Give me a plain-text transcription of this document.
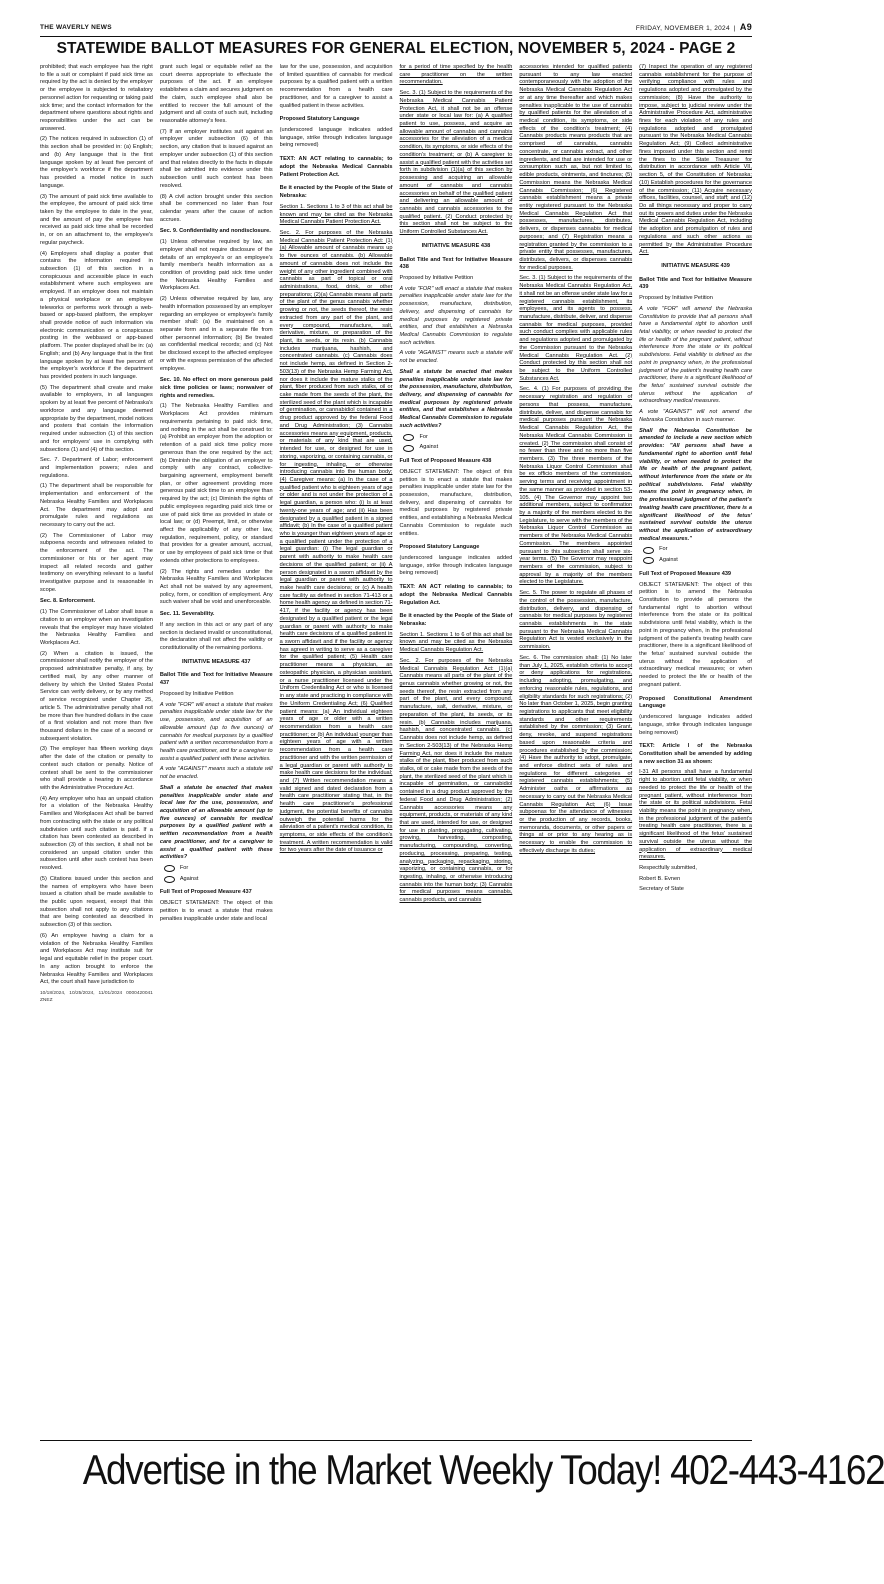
THE WAVERLY NEWS	FRIDAY, NOVEMBER 1, 2024 | A9
STATEWIDE BALLOT MEASURES FOR GENERAL ELECTION, NOVEMBER 5, 2024 - PAGE 2

prohibited; that each employee has the right to file a suit or complaint if paid sick time as required by the act is denied by the employer or the employee is subjected to retaliatory personnel action for requesting or taking paid sick time; and the contact information for the department where questions about rights and responsibilities under the act can be answered.

(2) The notices required in subsection (1) of this section shall be provided in: (a) English; and (b) Any language that is the first language spoken by at least five percent of the employer's workforce if the department has provided a model notice in such language.

(3) The amount of paid sick time available to the employee, the amount of paid sick time taken by the employee to date in the year, and the amount of pay the employee has received as paid sick time shall be recorded in, or on an attachment to, the employee's regular paycheck.

(4) Employers shall display a poster that contains the information required in subsection (1) of this section in a conspicuous and accessible place in each establishment where such employees are employed. If an employer does not maintain a physical workplace or an employee teleworks or performs work through a web-based or app-based platform, the employer shall provide notice of such information via electronic communication or a conspicuous posting in the webbased or app-based platform. The poster displayed shall be in: (a) English; and (b) Any language that is the first language spoken by at least five percent of the employer's workforce if the department has provided posters in such language.

(5) The department shall create and make available to employers, in all languages spoken by at least five percent of Nebraska's workforce and any language deemed appropriate by the department, model notices and posters that contain the information required under subsection (1) of this section and for employers' use in complying with subsections (1) and (4) of this section.

Sec. 7. Department of Labor; enforcement and implementation powers; rules and regulations.

(1) The department shall be responsible for implementation and enforcement of the Nebraska Healthy Families and Workplaces Act. The department may adopt and promulgate rules and regulations as necessary to carry out the act.

(2) The Commissioner of Labor may subpoena records and witnesses related to the enforcement of the act. The commissioner or his or her agent may inspect all related records and gather testimony on everything relevant to a lawful investigative purpose and is reasonable in scope.

Sec. 8. Enforcement.

(1) The Commissioner of Labor shall issue a citation to an employer when an investigation reveals that the employer may have violated the Nebraska Healthy Families and Workplaces Act.

(2) When a citation is issued, the commissioner shall notify the employer of the proposed administrative penalty, if any, by certified mail, by any other manner of delivery by which the United States Postal Service can verify delivery, or by any method of service recognized under Chapter 25, article 5. The administrative penalty shall not be more than five hundred dollars in the case of a first violation and not more than five thousand dollars in the case of a second or subsequent violation.

(3) The employer has fifteen working days after the date of the citation or penalty to contest such citation or penalty. Notice of contest shall be sent to the commissioner who shall provide a hearing in accordance with the Administrative Procedure Act.

(4) Any employer who has an unpaid citation for a violation of the Nebraska Healthy Families and Workplaces Act shall be barred from contracting with the state or any political subdivision until such citation is paid. If a citation has been contested as described in subsection (3) of this section, it shall not be considered an unpaid citation under this subsection until after such contest has been resolved.

(5) Citations issued under this section and the names of employers who have been issued a citation shall be made available to the public upon request, except that this subsection shall not apply to any citations that are being contested as described in subsection (3) of this section.

(6) An employee having a claim for a violation of the Nebraska Healthy Families and Workplaces Act may institute suit for legal and equitable relief in the proper court. In any action brought to enforce the Nebraska Healthy Families and Workplaces Act, the court shall have jurisdiction to

10/18/2024, 10/25/2024, 11/01/2024 0000420041 ZNEZ

grant such legal or equitable relief as the court deems appropriate to effectuate the purposes of the act. If an employee establishes a claim and secures judgment on the claim, such employee shall also be entitled to recover the full amount of the judgment and all costs of such suit, including reasonable attorney's fees.

(7) If an employer institutes suit against an employer under subsection (6) of this section, any citation that is issued against an employer under subsection (1) of this section and that relates directly to the facts in dispute shall be admitted into evidence under this subsection until such contest has been resolved.

(8) A civil action brought under this section shall be commenced no later than four calendar years after the cause of action accrues.

Sec. 9. Confidentiality and nondisclosure.

(1) Unless otherwise required by law, an employer shall not require disclosure of the details of an employee's or an employee's family member's health information as a condition of providing paid sick time under the Nebraska Healthy Families and Workplaces Act.

(2) Unless otherwise required by law, any health information possessed by an employer regarding an employee or employee's family member shall: (a) Be maintained on a separate form and in a separate file from other personnel information; (b) Be treated as confidential medical records; and (c) Not be disclosed except to the affected employee or with the express permission of the affected employee.

Sec. 10. No effect on more generous paid sick time policies or laws; nonwaiver of rights and remedies.

(1) The Nebraska Healthy Families and Workplaces Act provides minimum requirements pertaining to paid sick time, and nothing in the act shall be construed to: (a) Prohibit an employer from the adoption or retention of a paid sick time policy more generous than the one required by the act; (b) Diminish the obligation of an employer to comply with any contract, collective-bargaining agreement, employment benefit plan, or other agreement providing more generous paid sick time to an employee than required by the act; (c) Diminish the rights of public employees regarding paid sick time or use of paid sick time as provided in state or local law; or (d) Preempt, limit, or otherwise affect the applicability of any other law, regulation, requirement, policy, or standard that provides for a greater amount, accrual, or use by employees of paid sick time or that extends other protections to employees.

(2) The rights and remedies under the Nebraska Healthy Families and Workplaces Act shall not be waived by any agreement, policy, form, or condition of employment. Any such waiver shall be void and unenforceable.

Sec. 11. Severability.

If any section in this act or any part of any section is declared invalid or unconstitutional, the declaration shall not affect the validity or constitutionality of the remaining portions.

INITIATIVE MEASURE 437

Ballot Title and Text for Initiative Measure 437

Proposed by Initiative Petition

A vote "FOR" will enact a statute that makes penalties inapplicable under state law for the use, possession, and acquisition of an allowable amount (up to five ounces) of cannabis for medical purposes by a qualified patient with a written recommendation from a health care practitioner, and for a caregiver to assist a qualified patient with these activities.

A vote "AGAINST" means such a statute will not be enacted.

Shall a statute be enacted that makes penalties inapplicable under state and local law for the use, possession, and acquisition of an allowable amount (up to five ounces) of cannabis for medical purposes by a qualified patient with a written recommendation from a health care practitioner, and for a caregiver to assist a qualified patient with these activities?

For
Against

Full Text of Proposed Measure 437

OBJECT STATEMENT: The object of this petition is to enact a statute that makes penalties inapplicable under state and local

law for the use, possession, and acquisition of limited quantities of cannabis for medical purposes by a qualified patient with a written recommendation from a health care practitioner, and for a caregiver to assist a qualified patient in these activities.

Proposed Statutory Language

(underscored language indicates added language, strike through indicates language being removed)

TEXT: AN ACT relating to cannabis; to adopt the Nebraska Medical Cannabis Patient Protection Act.

Be it enacted by the People of the State of Nebraska:

Section 1. Sections 1 to 3 of this act shall be known and may be cited as the Nebraska Medical Cannabis Patient Protection Act.

Sec. 2. For purposes of the Nebraska Medical Cannabis Patient Protection Act: (1)(a) Allowable amount of cannabis means up to five ounces of cannabis. (b) Allowable amount of cannabis does not include the weight of any other ingredient combined with cannabis as part of topical or oral administrations, food, drink, or other preparations; (2)(a) Cannabis means all parts of the plant of the genus cannabis whether growing or not, the seeds thereof, the resin extracted from any part of the plant, and every compound, manufacture, salt, derivative, mixture, or preparation of the plant, its seeds, or its resin. (b) Cannabis includes marijuana, hashish, and concentrated cannabis. (c) Cannabis does not include hemp, as defined in Section 2-503(13) of the Nebraska Hemp Farming Act, nor does it include the mature stalks of the plant, fiber produced from such stalks, oil or cake made from the seeds of the plant, the sterilized seed of the plant which is incapable of germination, or cannabidiol contained in a drug product approved by the federal Food and Drug Administration; (3) Cannabis accessories means any equipment, products, or materials of any kind that are used, intended for use, or designed for use in storing, vaporizing, or containing cannabis, or for ingesting, inhaling, or otherwise introducing cannabis into the human body; (4) Caregiver means: (a) In the case of a qualified patient who is eighteen years of age or older and is not under the protection of a legal guardian, a person who: (i) Is at least twenty-one years of age; and (ii) Has been designated by a qualified patient in a signed affidavit; (b) In the case of a qualified patient who is younger than eighteen years of age or a qualified patient under the protection of a legal guardian: (i) The legal guardian or parent with authority to make health care decisions of the qualified patient; or (ii) A person designated in a sworn affidavit by the legal guardian or parent with authority to make health care decisions; or (c) A health care facility as defined in section 71-413 or a home health agency as defined in section 71-417, if the facility or agency has been designated by a qualified patient or the legal guardian or parent with authority to make health care decisions of a qualified patient in a sworn affidavit and if the facility or agency has agreed in writing to serve as a caregiver for the qualified patient; (5) Health care practitioner means a physician, an osteopathic physician, a physician assistant, or a nurse practitioner licensed under the Uniform Credentialing Act or who is licensed in any state and practicing in compliance with the Uniform Credentialing Act; (6) Qualified patient means: (a) An individual eighteen years of age or older with a written recommendation from a health care practitioner; or (b) An individual younger than eighteen years of age with a written recommendation from a health care practitioner and with the written permission of a legal guardian or parent with authority to make health care decisions for the individual; and (7) Written recommendation means a valid signed and dated declaration from a health care practitioner stating that, in the health care practitioner's professional judgment, the potential benefits of cannabis outweigh the potential harms for the alleviation of a patient's medical condition, its symptoms, or side effects of the condition's treatment. A written recommendation is valid for two years after the date of issuance or

for a period of time specified by the health care practitioner on the written recommendation.

Sec. 3. (1) Subject to the requirements of the Nebraska Medical Cannabis Patient Protection Act, it shall not be an offense under state or local law for: (a) A qualified patient to use, possess, and acquire an allowable amount of cannabis and cannabis accessories for the alleviation of a medical condition, its symptoms, or side effects of the condition's treatment; or (b) A caregiver to assist a qualified patient with the activities set forth in subdivision (1)(a) of this section by possessing and acquiring an allowable amount of cannabis and cannabis accessories on behalf of the qualified patient and delivering an allowable amount of cannabis and cannabis accessories to the qualified patient. (2) Conduct protected by this section shall not be subject to the Uniform Controlled Substances Act.

INITIATIVE MEASURE 438

Ballot Title and Text for Initiative Measure 438

Proposed by Initiative Petition

A vote "FOR" will enact a statute that makes penalties inapplicable under state law for the possession, manufacture, distribution, delivery, and dispensing of cannabis for medical purposes by registered private entities, and that establishes a Nebraska Medical Cannabis Commission to regulate such activities.

A vote "AGAINST" means such a statute will not be enacted.

Shall a statute be enacted that makes penalties inapplicable under state law for the possession, manufacture, distribution, delivery, and dispensing of cannabis for medical purposes by registered private entities, and that establishes a Nebraska Medical Cannabis Commission to regulate such activities?

For
Against

Full Text of Proposed Measure 438

OBJECT STATEMENT: The object of this petition is to enact a statute that makes penalties inapplicable under state law for the possession, manufacture, distribution, delivery, and dispensing of cannabis for medical purposes by registered private entities, and establishing a Nebraska Medical Cannabis Commission to regulate such entities.

Proposed Statutory Language

(underscored language indicates added language, strike through indicates language being removed)

TEXT: AN ACT relating to cannabis; to adopt the Nebraska Medical Cannabis Regulation Act.

Be it enacted by the People of the State of Nebraska:

Section 1. Sections 1 to 6 of this act shall be known and may be cited as the Nebraska Medical Cannabis Regulation Act.

Sec. 2. For purposes of the Nebraska Medical Cannabis Regulation Act: (1)(a) Cannabis means all parts of the plant of the genus cannabis whether growing or not, the seeds thereof, the resin extracted from any part of the plant, and every compound, manufacture, salt, derivative, mixture, or preparation of the plant, its seeds, or its resin. (b) Cannabis includes marijuana, hashish, and concentrated cannabis. (c) Cannabis does not include hemp, as defined in Section 2-503(13) of the Nebraska Hemp Farming Act, nor does it include the mature stalks of the plant, fiber produced from such stalks, oil or cake made from the seeds of the plant, the sterilized seed of the plant which is incapable of germination, or cannabidiol contained in a drug product approved by the federal Food and Drug Administration; (2) Cannabis accessories means any equipment, products, or materials of any kind that are used, intended for use, or designed for use in planting, propagating, cultivating, growing, harvesting, composting, manufacturing, compounding, converting, producing, processing, preparing, testing, analyzing, packaging, repackaging, storing, vaporizing, or containing cannabis, or for ingesting, inhaling, or otherwise introducing cannabis into the human body; (3) Cannabis for medical purposes means cannabis, cannabis products, and cannabis

accessories intended for qualified patients pursuant to any law enacted contemporaneously with the adoption of the Nebraska Medical Cannabis Regulation Act or at any time thereafter and which makes penalties inapplicable to the use of cannabis by qualified patients for the alleviation of a medical condition, its symptoms, or side effects of the condition's treatment; (4) Cannabis products means products that are comprised of cannabis, cannabis concentrate, or cannabis extract, and other ingredients, and that are intended for use or consumption such as, but not limited to, edible products, ointments, and tinctures; (5) Commission means the Nebraska Medical Cannabis Commission; (6) Registered cannabis establishment means a private entity registered pursuant to the Nebraska Medical Cannabis Regulation Act that possesses, manufactures, distributes, delivers, or dispenses cannabis for medical purposes; and (7) Registration means a registration granted by the commission to a private entity that possesses, manufactures, distributes, delivers, or dispenses cannabis for medical purposes.

Sec. 3. (1) Subject to the requirements of the Nebraska Medical Cannabis Regulation Act, it shall not be an offense under state law for a registered cannabis establishment, its employees, and its agents to possess, manufacture, distribute, deliver, and dispense cannabis for medical purposes, provided such conduct complies with applicable rules and regulations adopted and promulgated by the Commission pursuant to the Nebraska Medical Cannabis Regulation Act. (2) Conduct protected by this section shall not be subject to the Uniform Controlled Substances Act.

Sec. 4. (1) For purposes of providing the necessary registration and regulation of persons that possess, manufacture, distribute, deliver, and dispense cannabis for medical purposes pursuant the Nebraska Medical Cannabis Regulation Act, the Nebraska Medical Cannabis Commission is created. (2) The commission shall consist of no fewer than three and no more than five members. (3) The three members of the Nebraska Liquor Control Commission shall be ex officio members of the commission, serving terms and receiving appointment in the same manner as provided in section 53-105. (4) The Governor may appoint two additional members, subject to confirmation by a majority of the members elected to the Legislature, to serve with the members of the Nebraska Liquor Control Commission as members of the Nebraska Medical Cannabis Commission. The members appointed pursuant to this subsection shall serve six-year terms. (5) The Governor may reappoint members of the commission, subject to approval by a majority of the members elected to the Legislature.

Sec. 5. The power to regulate all phases of the control of the possession, manufacture, distribution, delivery, and dispensing of cannabis for medical purposes by registered cannabis establishments in the state pursuant to the Nebraska Medical Cannabis Regulation Act is vested exclusively in the commission.

Sec. 6. The commission shall: (1) No later than July 1, 2025, establish criteria to accept or deny applications for registrations, including adopting, promulgating, and enforcing reasonable rules, regulations, and eligibility standards for such registrations; (2) No later than October 1, 2025, begin granting registrations to applicants that meet eligibility standards and other requirements established by the commission; (3) Grant, deny, revoke, and suspend registrations based upon reasonable criteria and procedures established by the commission; (4) Have the authority to adopt, promulgate, and enforce distinct sets of rules and regulations for different categories of registered cannabis establishments; (5) Administer oaths or affirmations as necessary to carry out the Nebraska Medical Cannabis Regulation Act; (6) Issue subpoenas for the attendance of witnesses or the production of any records, books, memoranda, documents, or other papers or things at or prior to any hearing as is necessary to enable the commission to effectively discharge its duties;

(7) Inspect the operation of any registered cannabis establishment for the purpose of verifying compliance with rules and regulations adopted and promulgated by the commission; (8) Have the authority to impose, subject to judicial review under the Administrative Procedure Act, administrative fines for each violation of any rules and regulations adopted and promulgated pursuant to the Nebraska Medical Cannabis Regulation Act; (9) Collect administrative fines imposed under this section and remit the fines to the State Treasurer for distribution in accordance with Article VII, section 5, of the Constitution of Nebraska; (10) Establish procedures for the governance of the commission; (11) Acquire necessary offices, facilities, counsel, and staff; and (12) Do all things necessary and proper to carry out its powers and duties under the Nebraska Medical Cannabis Regulation Act, including the adoption and promulgation of rules and regulations and such other actions as permitted by the Administrative Procedure Act.

INITIATIVE MEASURE 439

Ballot Title and Text for Initiative Measure 439

Proposed by Initiative Petition

A vote "FOR" will amend the Nebraska Constitution to provide that all persons shall have a fundamental right to abortion until fetal viability, or when needed to protect the life or health of the pregnant patient, without interference from the state or its political subdivisions. Fetal viability is defined as the point in pregnancy when, in the professional judgment of the patient's treating health care practitioner, there is a significant likelihood of the fetus' sustained survival outside the uterus without the application of extraordinary medical measures.

A vote "AGAINST" will not amend the Nebraska Constitution in such manner.

Shall the Nebraska Constitution be amended to include a new section which provides: "All persons shall have a fundamental right to abortion until fetal viability, or when needed to protect the life or health of the pregnant patient, without interference from the state or its political subdivisions. Fetal viability means the point in pregnancy when, in the professional judgment of the patient's treating health care practitioner, there is a significant likelihood of the fetus' sustained survival outside the uterus without the application of extraordinary medical measures."

For
Against

Full Text of Proposed Measure 439

OBJECT STATEMENT: The object of this petition is to amend the Nebraska Constitution to provide all persons the fundamental right to abortion without interference from the state or its political subdivisions until fetal viability, which is the point in pregnancy when, in the professional judgment of the patient's treating health care practitioner, there is a significant likelihood of the fetus' sustained survival outside the uterus without the application of extraordinary medical measures; or when needed to protect the life or health of the pregnant patient.

Proposed Constitutional Amendment Language

(underscored language indicates added language, strike through indicates language being removed)

TEXT: Article I of the Nebraska Constitution shall be amended by adding a new section 31 as shown:

I-31 All persons shall have a fundamental right to abortion until fetal viability, or when needed to protect the life or health of the pregnant patient, without interference from the state or its political subdivisions. Fetal viability means the point in pregnancy when, in the professional judgment of the patient's treating health care practitioner, there is a significant likelihood of the fetus' sustained survival outside the uterus without the application of extraordinary medical measures.

Respectfully submitted,

Robert B. Evnen

Secretary of State

Advertise in the Market Weekly Today! 402-443-4162
